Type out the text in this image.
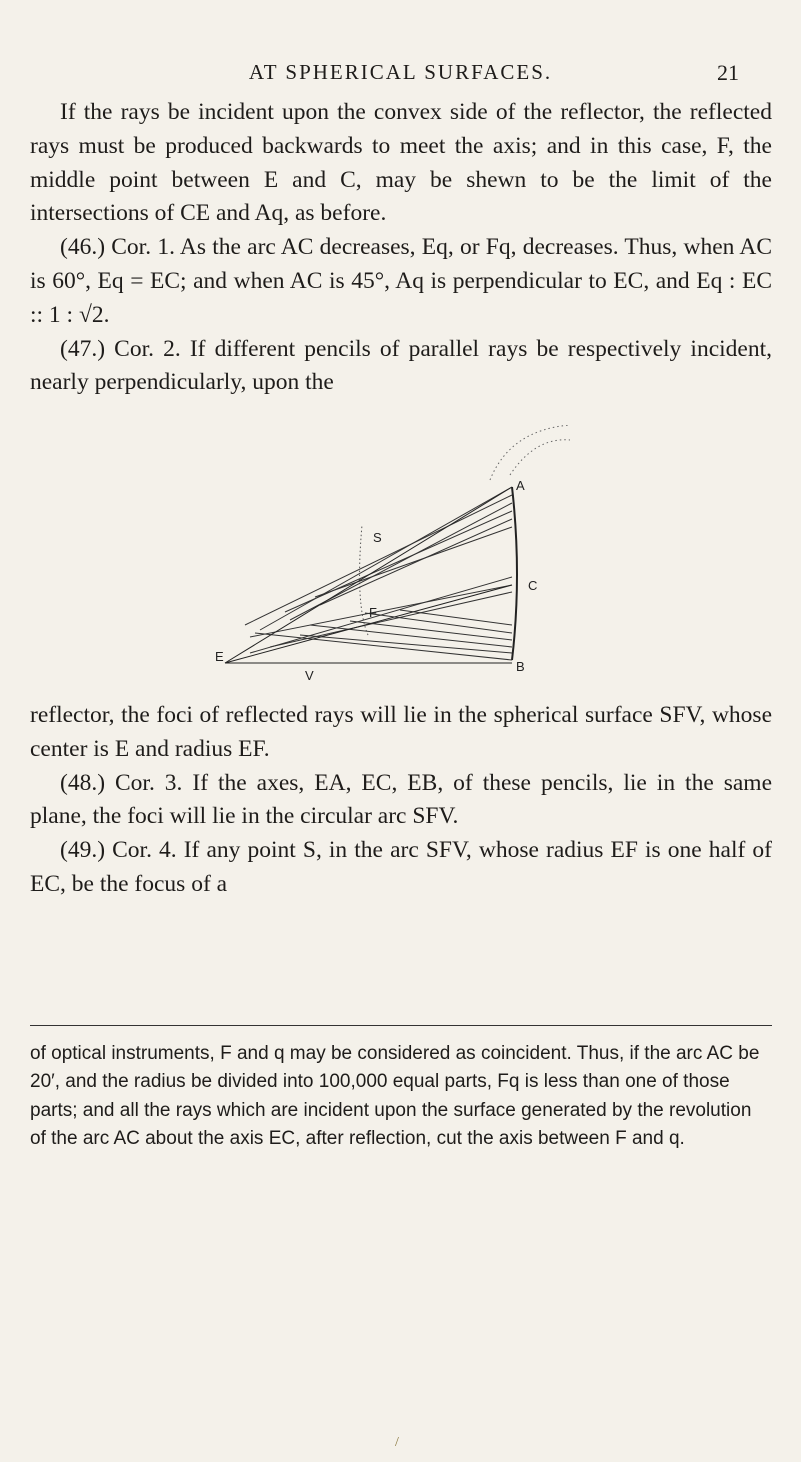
AT SPHERICAL SURFACES.	21

If the rays be incident upon the convex side of the reflector, the reflected rays must be produced backwards to meet the axis; and in this case, F, the middle point between E and C, may be shewn to be the limit of the intersections of CE and Aq, as before.

(46.) Cor. 1. As the arc AC decreases, Eq, or Fq, decreases. Thus, when AC is 60°, Eq = EC; and when AC is 45°, Aq is perpendicular to EC, and Eq : EC :: 1 : √2.

(47.) Cor. 2. If different pencils of parallel rays be respectively incident, nearly perpendicularly, upon the

A
B
C
E
F
S
V

reflector, the foci of reflected rays will lie in the spherical surface SFV, whose center is E and radius EF.

(48.) Cor. 3. If the axes, EA, EC, EB, of these pencils, lie in the same plane, the foci will lie in the circular arc SFV.

(49.) Cor. 4. If any point S, in the arc SFV, whose radius EF is one half of EC, be the focus of a

of optical instruments, F and q may be considered as coincident. Thus, if the arc AC be 20′, and the radius be divided into 100,000 equal parts, Fq is less than one of those parts; and all the rays which are incident upon the surface generated by the revolution of the arc AC about the axis EC, after reflection, cut the axis between F and q.

/
